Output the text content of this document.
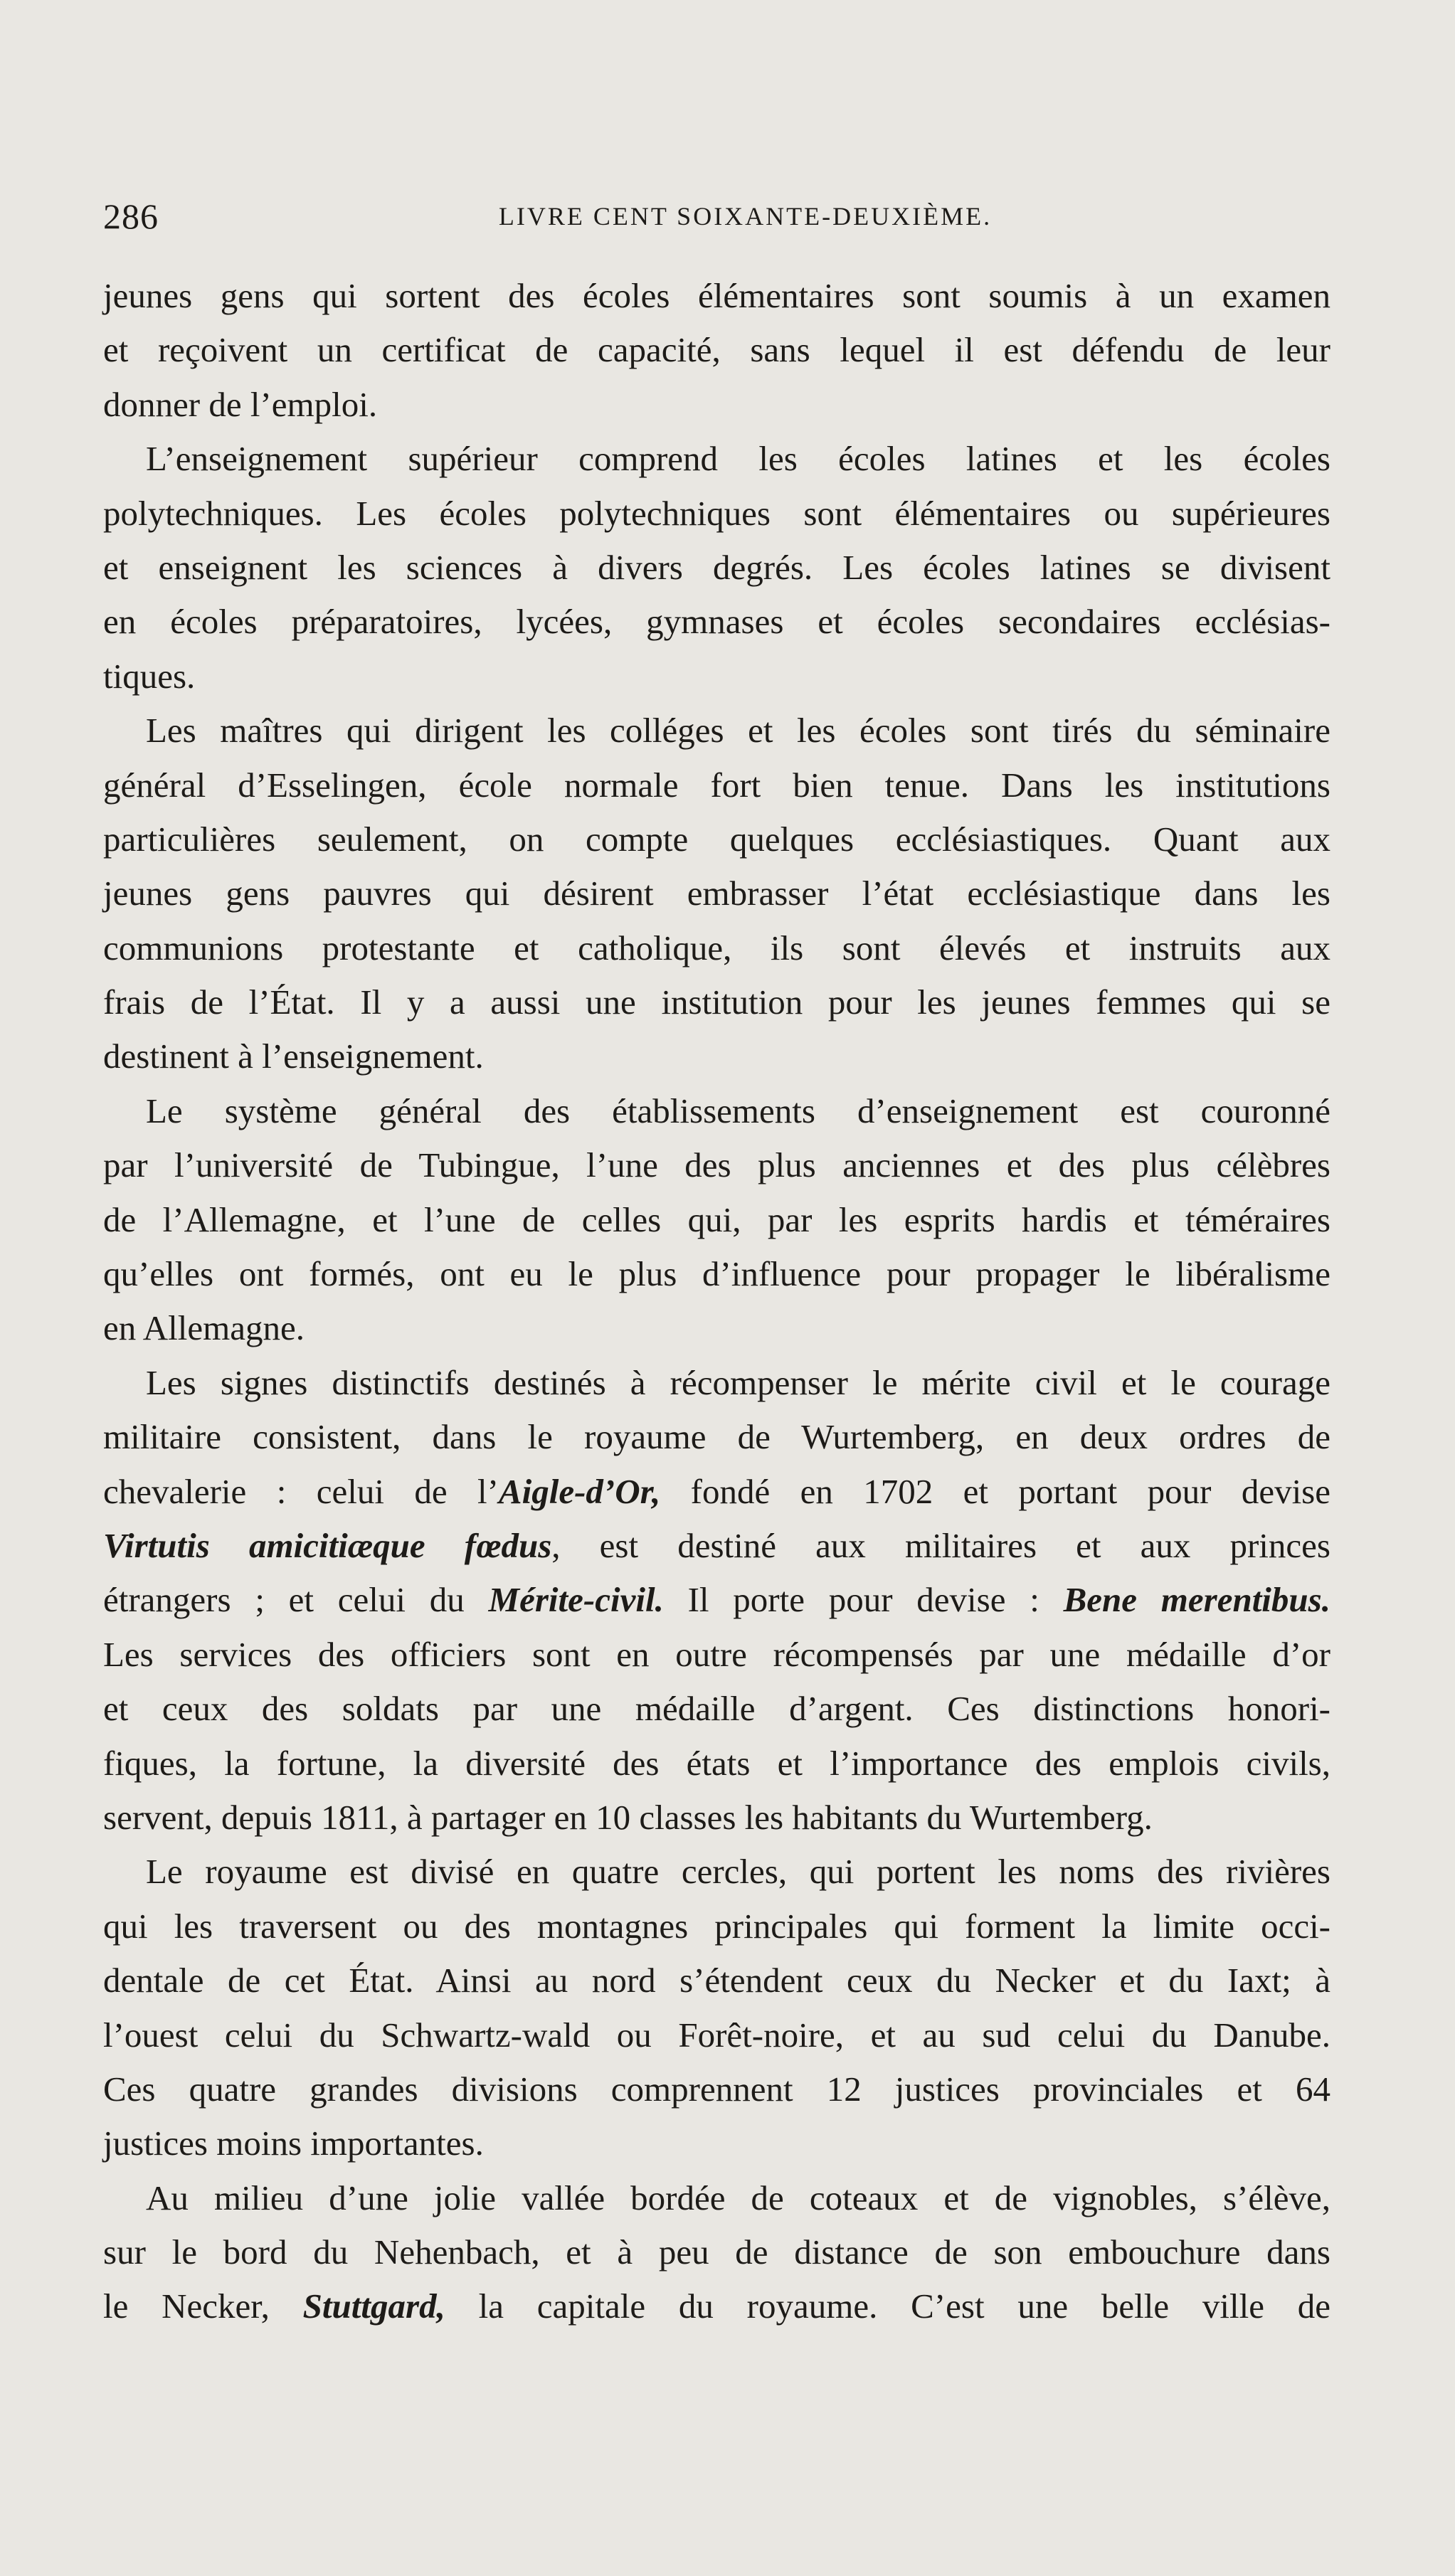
286	LIVRE CENT SOIXANTE-DEUXIÈME.
jeunes gens qui sortent des écoles élémentaires sont soumis à un examen
et reçoivent un certificat de capacité, sans lequel il est défendu de leur
donner de l’emploi.
L’enseignement supérieur comprend les écoles latines et les écoles
polytechniques. Les écoles polytechniques sont élémentaires ou supérieures
et enseignent les sciences à divers degrés. Les écoles latines se divisent
en écoles préparatoires, lycées, gymnases et écoles secondaires ecclésias-
tiques.
Les maîtres qui dirigent les colléges et les écoles sont tirés du séminaire
général d’Esselingen, école normale fort bien tenue. Dans les institutions
particulières seulement, on compte quelques ecclésiastiques. Quant aux
jeunes gens pauvres qui désirent embrasser l’état ecclésiastique dans les
communions protestante et catholique, ils sont élevés et instruits aux
frais de l’État. Il y a aussi une institution pour les jeunes femmes qui se
destinent à l’enseignement.
Le système général des établissements d’enseignement est couronné
par l’université de Tubingue, l’une des plus anciennes et des plus célèbres
de l’Allemagne, et l’une de celles qui, par les esprits hardis et téméraires
qu’elles ont formés, ont eu le plus d’influence pour propager le libéralisme
en Allemagne.
Les signes distinctifs destinés à récompenser le mérite civil et le courage
militaire consistent, dans le royaume de Wurtemberg, en deux ordres de
chevalerie : celui de l’Aigle-d’Or, fondé en 1702 et portant pour devise
Virtutis amicitiæque fœdus, est destiné aux militaires et aux princes
étrangers ; et celui du Mérite-civil. Il porte pour devise : Bene merentibus.
Les services des officiers sont en outre récompensés par une médaille d’or
et ceux des soldats par une médaille d’argent. Ces distinctions honori-
fiques, la fortune, la diversité des états et l’importance des emplois civils,
servent, depuis 1811, à partager en 10 classes les habitants du Wurtemberg.
Le royaume est divisé en quatre cercles, qui portent les noms des rivières
qui les traversent ou des montagnes principales qui forment la limite occi-
dentale de cet État. Ainsi au nord s’étendent ceux du Necker et du Iaxt; à
l’ouest celui du Schwartz-wald ou Forêt-noire, et au sud celui du Danube.
Ces quatre grandes divisions comprennent 12 justices provinciales et 64
justices moins importantes.
Au milieu d’une jolie vallée bordée de coteaux et de vignobles, s’élève,
sur le bord du Nehenbach, et à peu de distance de son embouchure dans
le Necker, Stuttgard, la capitale du royaume. C’est une belle ville de
